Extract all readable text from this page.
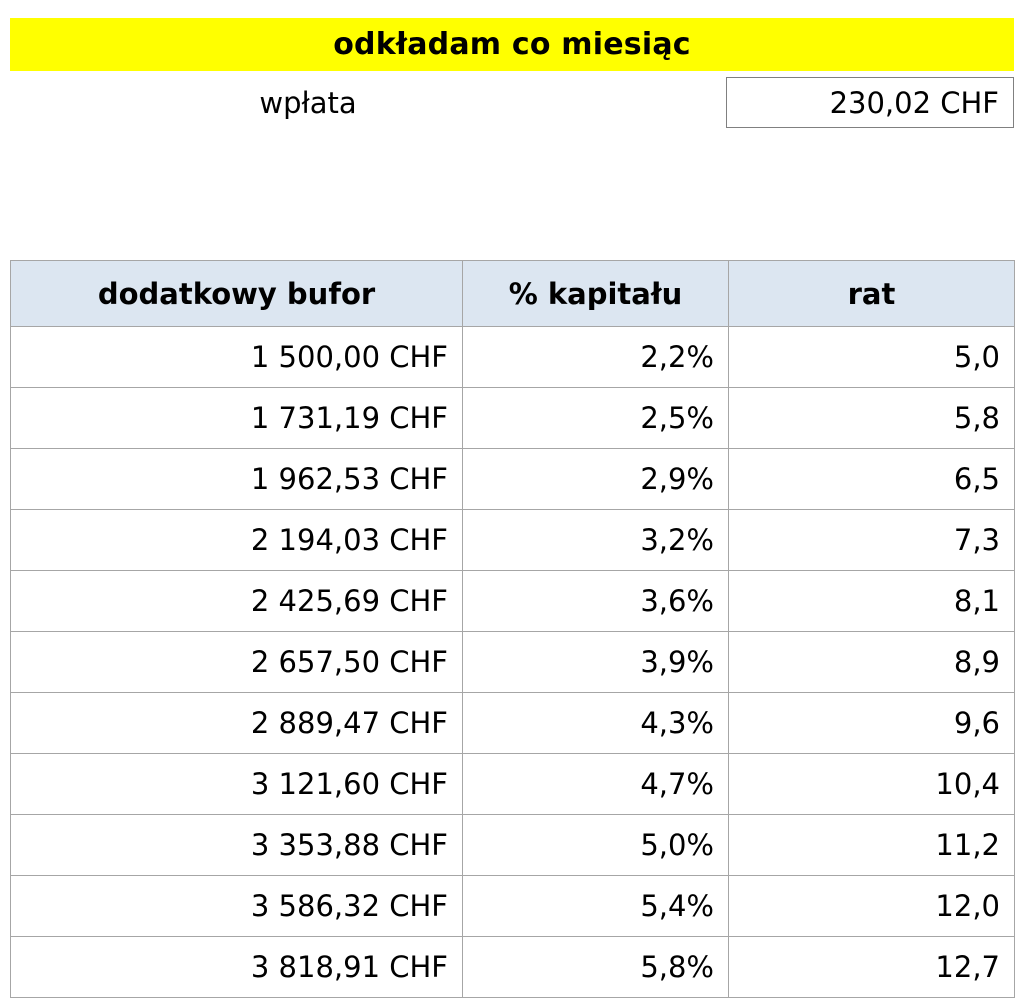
odkładam co miesiąc
wpłata	230,02 CHF
dodatkowy bufor	% kapitału	rat
1 500,00 CHF	2,2%	5,0
1 731,19 CHF	2,5%	5,8
1 962,53 CHF	2,9%	6,5
2 194,03 CHF	3,2%	7,3
2 425,69 CHF	3,6%	8,1
2 657,50 CHF	3,9%	8,9
2 889,47 CHF	4,3%	9,6
3 121,60 CHF	4,7%	10,4
3 353,88 CHF	5,0%	11,2
3 586,32 CHF	5,4%	12,0
3 818,91 CHF	5,8%	12,7
